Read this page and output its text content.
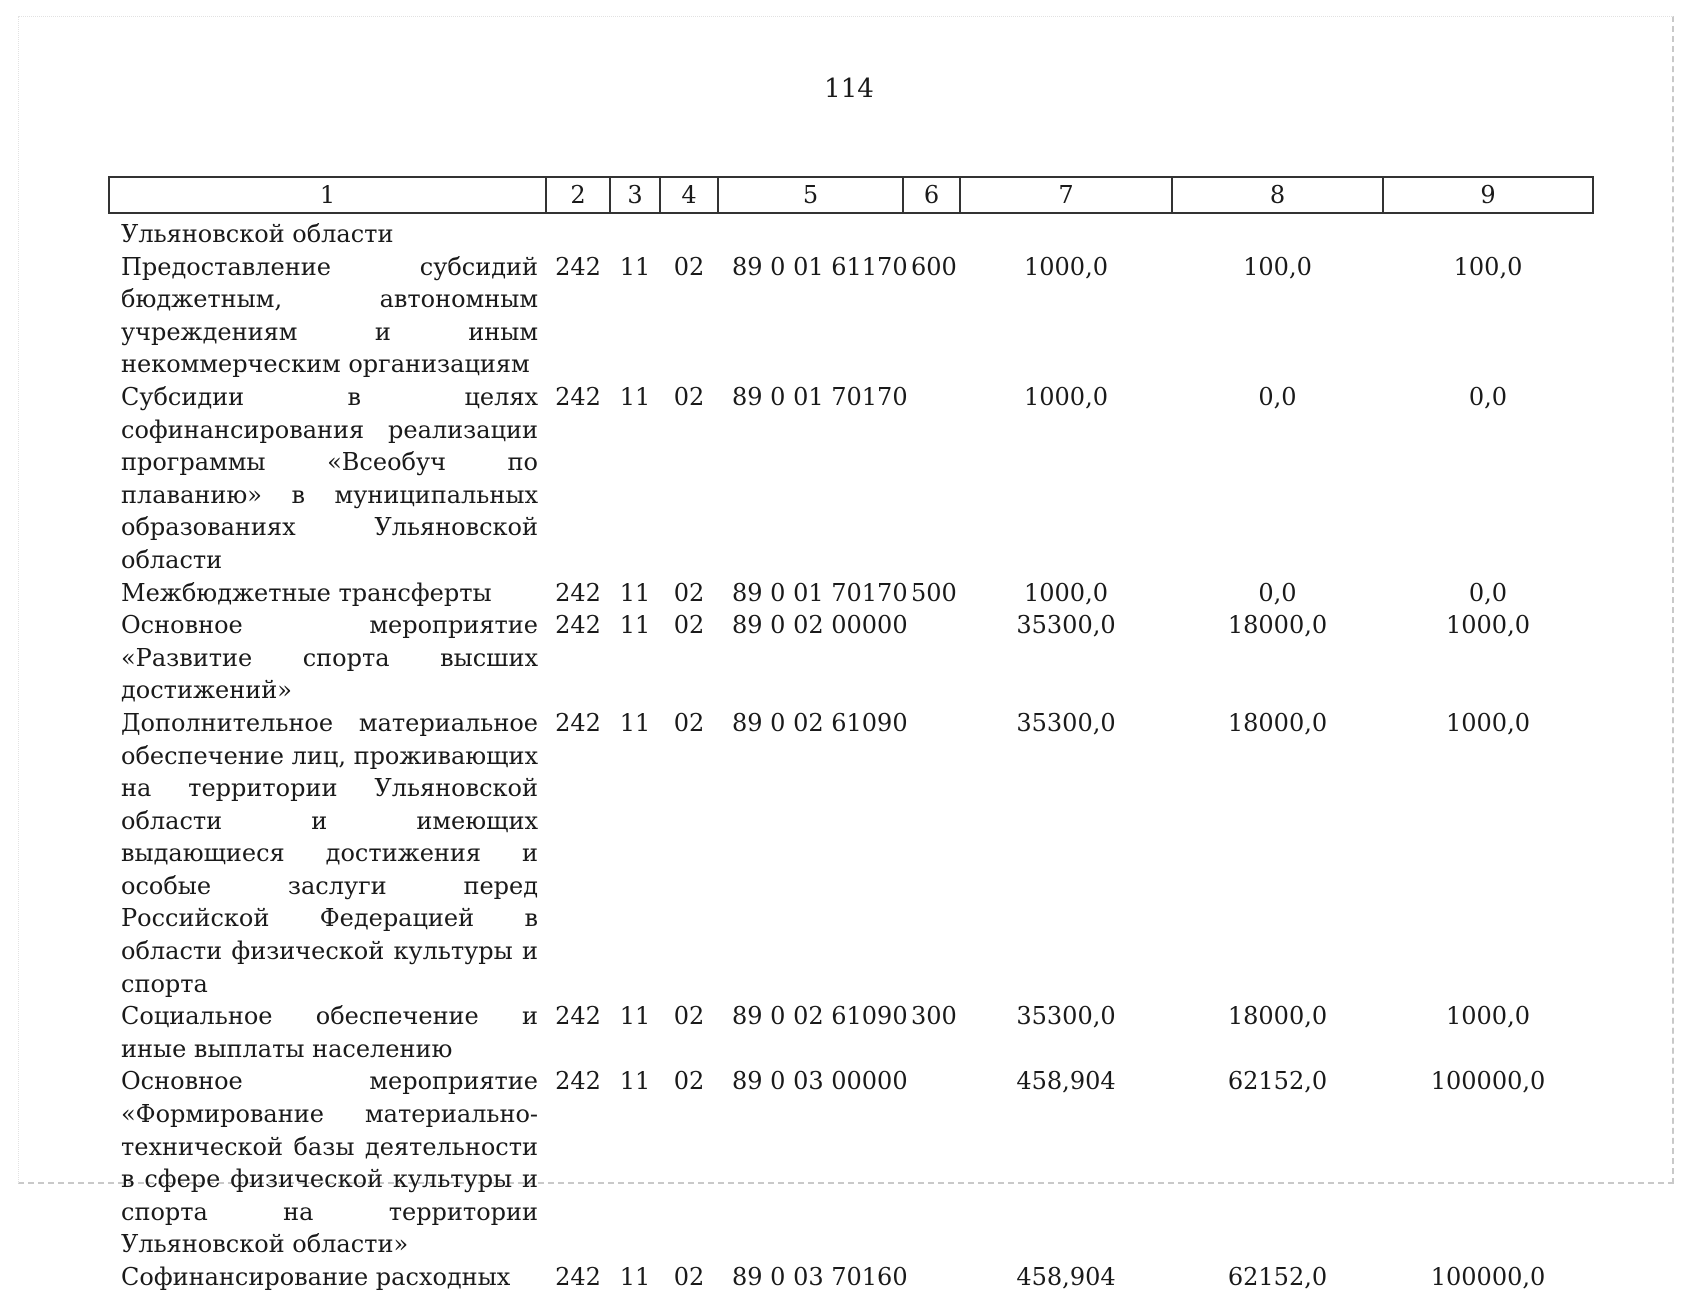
114
1	2	3	4	5	6	7	8	9
Ульяновской области								
Предоставление субсидий бюджетным, автономным учреждениям и иным некоммерческим организациям	242	11	02	89 0 01 61170	600	1000,0	100,0	100,0
Субсидии в целях софинансирования реализации программы «Всеобуч по плаванию» в муниципальных образованиях Ульяновской области	242	11	02	89 0 01 70170		1000,0	0,0	0,0
Межбюджетные трансферты	242	11	02	89 0 01 70170	500	1000,0	0,0	0,0
Основное мероприятие «Развитие спорта высших достижений»	242	11	02	89 0 02 00000		35300,0	18000,0	1000,0
Дополнительное материальное обеспечение лиц, проживающих на территории Ульяновской области и имеющих выдающиеся достижения и особые заслуги перед Российской Федерацией в области физической культуры и спорта	242	11	02	89 0 02 61090		35300,0	18000,0	1000,0
Социальное обеспечение и иные выплаты населению	242	11	02	89 0 02 61090	300	35300,0	18000,0	1000,0
Основное мероприятие «Формирование материально-технической базы деятельности в сфере физической культуры и спорта на территории Ульяновской области»	242	11	02	89 0 03 00000		458,904	62152,0	100000,0
Софинансирование расходных	242	11	02	89 0 03 70160		458,904	62152,0	100000,0
